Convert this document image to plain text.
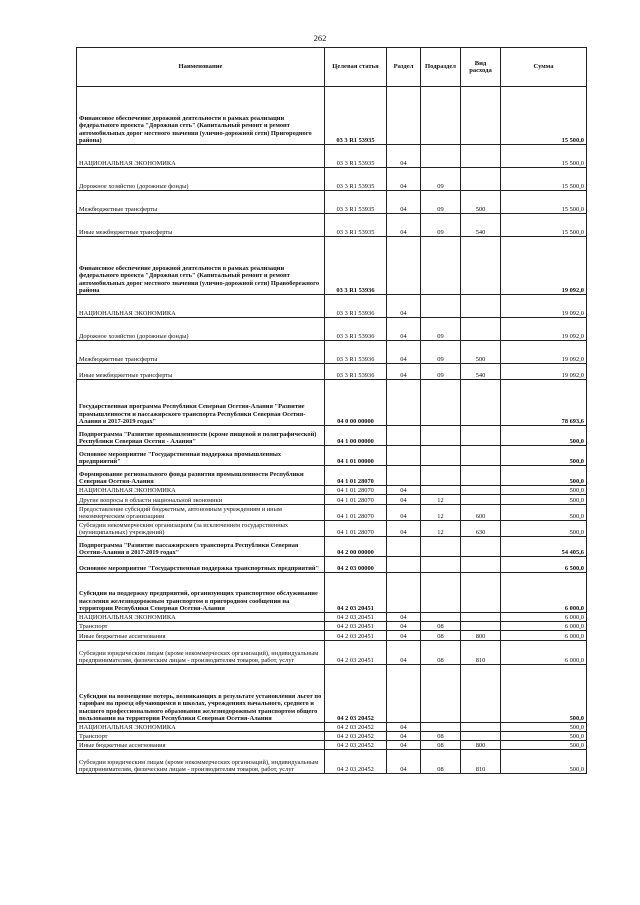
262
Наименование	Целевая статья	Раздел	Подраздел	Вид расхода	Сумма
Финансовое обеспечение дорожной деятельности в рамках реализации федерального проекта "Дорожная сеть" (Капитальный ремонт и ремонт автомобильных дорог местного значения (улично-дорожной сети) Пригородного района)	03 3 R1 53935				15 500,0
НАЦИОНАЛЬНАЯ ЭКОНОМИКА	03 3 R1 53935	04			15 500,0
Дорожное хозяйство (дорожные фонды)	03 3 R1 53935	04	09		15 500,0
Межбюджетные трансферты	03 3 R1 53935	04	09	500	15 500,0
Иные межбюджетные трансферты	03 3 R1 53935	04	09	540	15 500,0
Финансовое обеспечение дорожной деятельности в рамках реализации федерального проекта "Дорожная сеть" (Капитальный ремонт и ремонт автомобильных дорог местного значения (улично-дорожной сети) Правобережного района	03 3 R1 53936				19 092,0
НАЦИОНАЛЬНАЯ ЭКОНОМИКА	03 3 R1 53936	04			19 092,0
Дорожное хозяйство (дорожные фонды)	03 3 R1 53936	04	09		19 092,0
Межбюджетные трансферты	03 3 R1 53936	04	09	500	19 092,0
Иные межбюджетные трансферты	03 3 R1 53936	04	09	540	19 092,0
Государственная программа Республики Северная Осетия-Алания "Развитие промышленности и пассажирского транспорта Республики Северная Осетия-Алания в 2017-2019 годах"	04 0 00 00000				78 693,6
Подпрограмма "Развитие промышленности (кроме пищевой и полиграфической) Республики Северная Осетия - Алания"	04 1 00 00000				500,0
Основное мероприятие "Государственная поддержка промышленных предприятий"	04 1 01 00000				500,0
Формирование регионального фонда развития промышленности Республики Северная Осетия-Алания	04 1 01 28070				500,0
НАЦИОНАЛЬНАЯ ЭКОНОМИКА	04 1 01 28070	04			500,0
Другие вопросы в области национальной экономики	04 1 01 28070	04	12		500,0
Предоставление субсидий бюджетным, автономным учреждениям и иным некоммерческим организациям	04 1 01 28070	04	12	600	500,0
Субсидии некоммерческим организациям (за исключением государственных (муниципальных) учреждений)	04 1 01 28070	04	12	630	500,0
Подпрограмма "Развитие пассажирского транспорта Республики Северная Осетия-Алания в 2017-2019 годах"	04 2 00 00000				54 405,6
Основное мероприятие "Государственная поддержка транспортных предприятий"	04 2 03 00000				6 500,0
Субсидии на поддержку предприятий, организующих транспортное обслуживание населения железнодорожным транспортом в пригородном сообщении на территории Республики Северная Осетия-Алания	04 2 03 20451				6 000,0
НАЦИОНАЛЬНАЯ ЭКОНОМИКА	04 2 03 20451	04			6 000,0
Транспорт	04 2 03 20451	04	08		6 000,0
Иные бюджетные ассигнования	04 2 03 20451	04	08	800	6 000,0
Субсидии юридическим лицам (кроме некоммерческих организаций), индивидуальным предпринимателям, физическим лицам - производителям товаров, работ, услуг	04 2 03 20451	04	08	810	6 000,0
Субсидии на возмещение потерь, возникающих в результате установления льгот по тарифам на проезд обучающимся в школах, учреждениях начального, среднего и высшего профессионального образования железнодорожным транспортом общего пользования на территории Республики Северная Осетия-Алания	04 2 03 20452				500,0
НАЦИОНАЛЬНАЯ ЭКОНОМИКА	04 2 03 20452	04			500,0
Транспорт	04 2 03 20452	04	08		500,0
Иные бюджетные ассигнования	04 2 03 20452	04	08	800	500,0
Субсидии юридическим лицам (кроме некоммерческих организаций), индивидуальным предпринимателям, физическим лицам - производителям товаров, работ, услуг	04 2 03 20452	04	08	810	500,0
